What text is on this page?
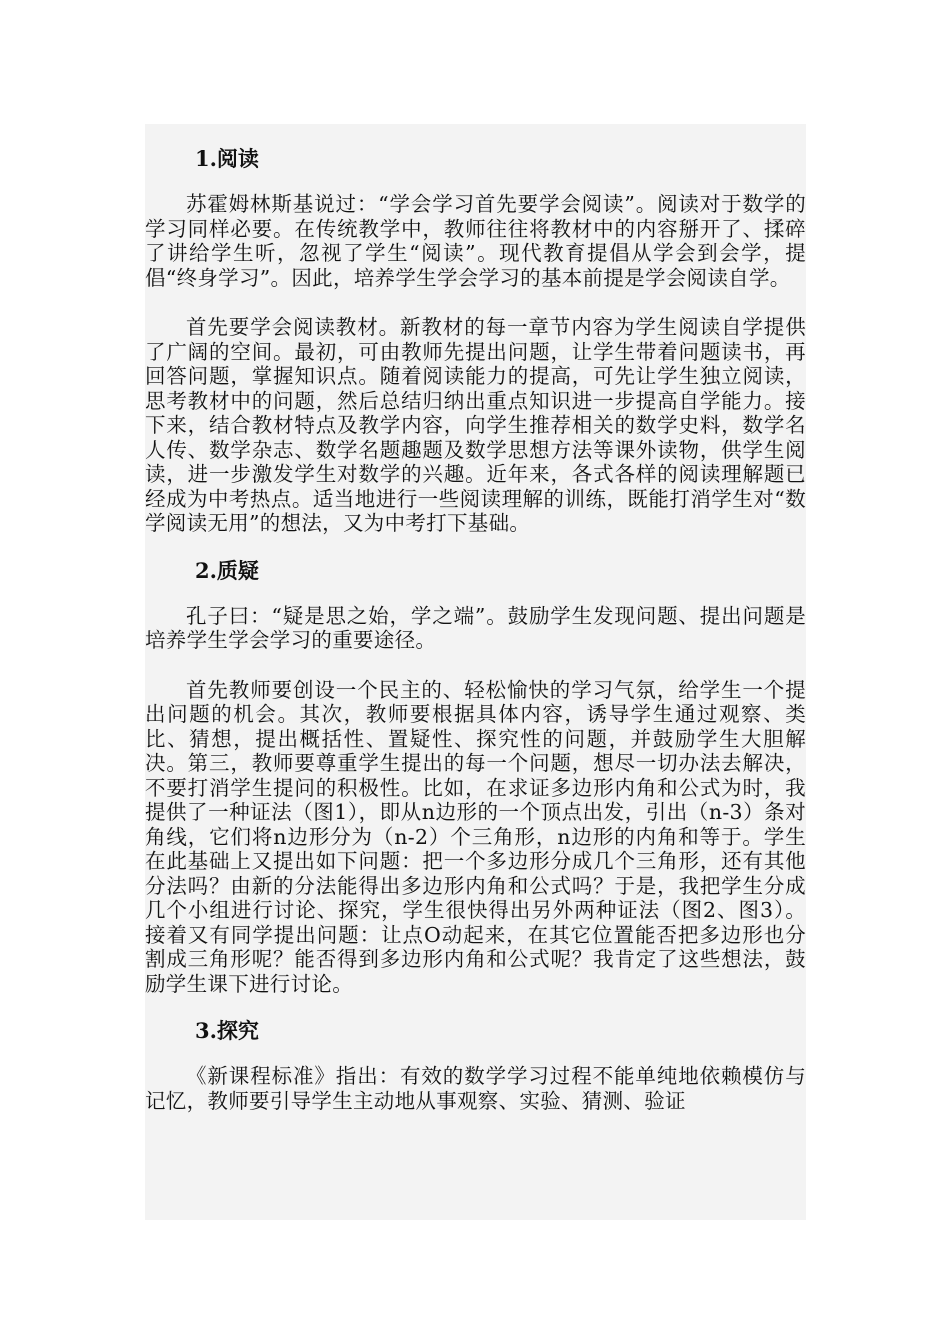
1.阅读

苏霍姆林斯基说过：“学会学习首先要学会阅读”。阅读对于数学的学习同样必要。在传统教学中，教师往往将教材中的内容掰开了、揉碎了讲给学生听，忽视了学生“阅读”。现代教育提倡从学会到会学，提倡“终身学习”。因此，培养学生学会学习的基本前提是学会阅读自学。

首先要学会阅读教材。新教材的每一章节内容为学生阅读自学提供了广阔的空间。最初，可由教师先提出问题，让学生带着问题读书，再回答问题，掌握知识点。随着阅读能力的提高，可先让学生独立阅读，思考教材中的问题，然后总结归纳出重点知识进一步提高自学能力。接下来，结合教材特点及教学内容，向学生推荐相关的数学史料，数学名人传、数学杂志、数学名题趣题及数学思想方法等课外读物，供学生阅读，进一步激发学生对数学的兴趣。近年来，各式各样的阅读理解题已经成为中考热点。适当地进行一些阅读理解的训练，既能打消学生对“数学阅读无用”的想法，又为中考打下基础。

2.质疑

孔子曰：“疑是思之始，学之端”。鼓励学生发现问题、提出问题是培养学生学会学习的重要途径。

首先教师要创设一个民主的、轻松愉快的学习气氛，给学生一个提出问题的机会。其次，教师要根据具体内容，诱导学生通过观察、类比、猜想，提出概括性、置疑性、探究性的问题，并鼓励学生大胆解决。第三，教师要尊重学生提出的每一个问题，想尽一切办法去解决，不要打消学生提问的积极性。比如，在求证多边形内角和公式为时，我提供了一种证法（图1），即从n边形的一个顶点出发，引出（n-3）条对角线，它们将n边形分为（n-2）个三角形，n边形的内角和等于。学生在此基础上又提出如下问题：把一个多边形分成几个三角形，还有其他分法吗？由新的分法能得出多边形内角和公式吗？于是，我把学生分成几个小组进行讨论、探究，学生很快得出另外两种证法（图2、图3）。接着又有同学提出问题：让点O动起来，在其它位置能否把多边形也分割成三角形呢？能否得到多边形内角和公式呢？我肯定了这些想法，鼓励学生课下进行讨论。

3.探究

《新课程标准》指出：有效的数学学习过程不能单纯地依赖模仿与记忆，教师要引导学生主动地从事观察、实验、猜测、验证
